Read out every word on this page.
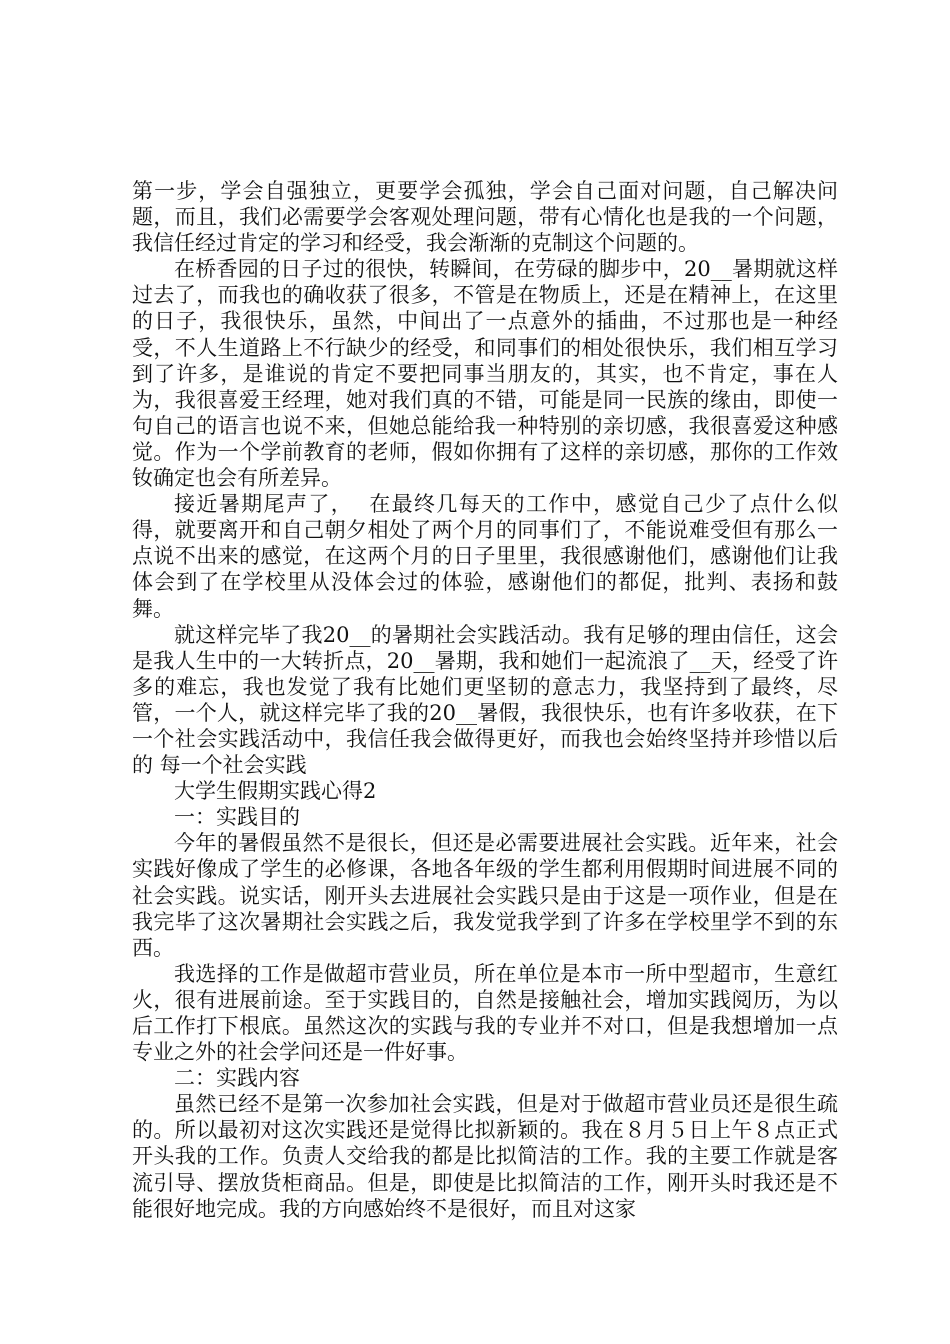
第一步，学会自强独立，更要学会孤独，学会自己面对问题，自己解决问题，而且，我们必需要学会客观处理问题，带有心情化也是我的一个问题，我信任经过肯定的学习和经受，我会渐渐的克制这个问题的。

在桥香园的日子过的很快，转瞬间，在劳碌的脚步中，20__暑期就这样过去了，而我也的确收获了很多，不管是在物质上，还是在精神上，在这里的日子，我很快乐，虽然，中间出了一点意外的插曲，不过那也是一种经受，不人生道路上不行缺少的经受，和同事们的相处很快乐，我们相互学习到了许多，是谁说的肯定不要把同事当朋友的，其实，也不肯定，事在人为，我很喜爱王经理，她对我们真的不错，可能是同一民族的缘由，即使一句自己的语言也说不来，但她总能给我一种特别的亲切感，我很喜爱这种感觉。作为一个学前教育的老师，假如你拥有了这样的亲切感，那你的工作效钕确定也会有所差异。

接近暑期尾声了，  在最终几每天的工作中，感觉自己少了点什么似得，就要离开和自己朝夕相处了两个月的同事们了，不能说难受但有那么一点说不出来的感觉，在这两个月的日子里里，我很感谢他们，感谢他们让我体会到了在学校里从没体会过的体验，感谢他们的都促，批判、表扬和鼓舞。

就这样完毕了我20__的暑期社会实践活动。我有足够的理由信任，这会是我人生中的一大转折点，20__暑期，我和她们一起流浪了__天，经受了许多的难忘，我也发觉了我有比她们更坚韧的意志力，我坚持到了最终，尽管，一个人，就这样完毕了我的20__暑假，我很快乐，也有许多收获，在下一个社会实践活动中，我信任我会做得更好，而我也会始终坚持并珍惜以后的 每一个社会实践

大学生假期实践心得2

一：实践目的

今年的暑假虽然不是很长，但还是必需要进展社会实践。近年来，社会实践好像成了学生的必修课，各地各年级的学生都利用假期时间进展不同的社会实践。说实话，刚开头去进展社会实践只是由于这是一项作业，但是在我完毕了这次暑期社会实践之后，我发觉我学到了许多在学校里学不到的东西。

我选择的工作是做超市营业员，所在单位是本市一所中型超市，生意红火，很有进展前途。至于实践目的，自然是接触社会，增加实践阅历，为以后工作打下根底。虽然这次的实践与我的专业并不对口，但是我想增加一点专业之外的社会学问还是一件好事。

二：实践内容

虽然已经不是第一次参加社会实践，但是对于做超市营业员还是很生疏的。所以最初对这次实践还是觉得比拟新颖的。我在８月５日上午８点正式开头我的工作。负责人交给我的都是比拟简洁的工作。我的主要工作就是客流引导、摆放货柜商品。但是，即使是比拟简洁的工作，刚开头时我还是不能很好地完成。我的方向感始终不是很好，而且对这家
